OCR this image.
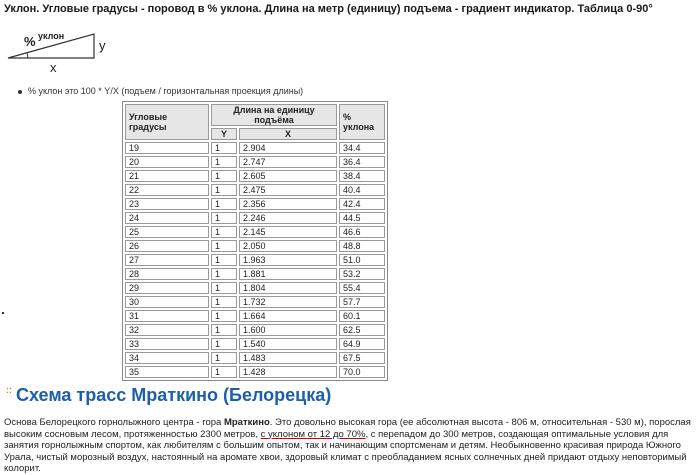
Уклон. Угловые градусы - поровод в % уклона. Длина на метр (единицу) подъема - градиент индикатор. Таблица 0-90°
% уклон
y
x
% уклон это 100 * Y/X (подъем / горизонтальная проекция длины)
Угловые градусы	Длина на единицу подъёма		% уклона
	Y	X	
19	1	2.904	34.4
20	1	2.747	36.4
21	1	2.605	38.4
22	1	2.475	40.4
23	1	2.356	42.4
24	1	2.246	44.5
25	1	2.145	46.6
26	1	2.050	48.8
27	1	1.963	51.0
28	1	1.881	53.2
29	1	1.804	55.4
30	1	1.732	57.7
31	1	1.664	60.1
32	1	1.600	62.5
33	1	1.540	64.9
34	1	1.483	67.5
35	1	1.428	70.0
:: Схема трасс Мраткино (Белорецка)
Основа Белорецкого горнолыжного центра - гора Мраткино. Это довольно высокая гора (ее абсолютная высота - 806 м, относительная - 530 м), порослая высоким сосновым лесом, протяженностью 2300 метров, с уклоном от 12 до 70%, с перепадом до 300 метров, создающая оптимальные условия для занятия горнолыжным спортом, как любителям с большим опытом, так и начинающим спортсменам и детям. Необыкновенно красивая природа Южного Урала, чистый морозный воздух, настоянный на аромате хвои, здоровый климат с преобладанием ясных солнечных дней придают отдыху неповторимый колорит.
